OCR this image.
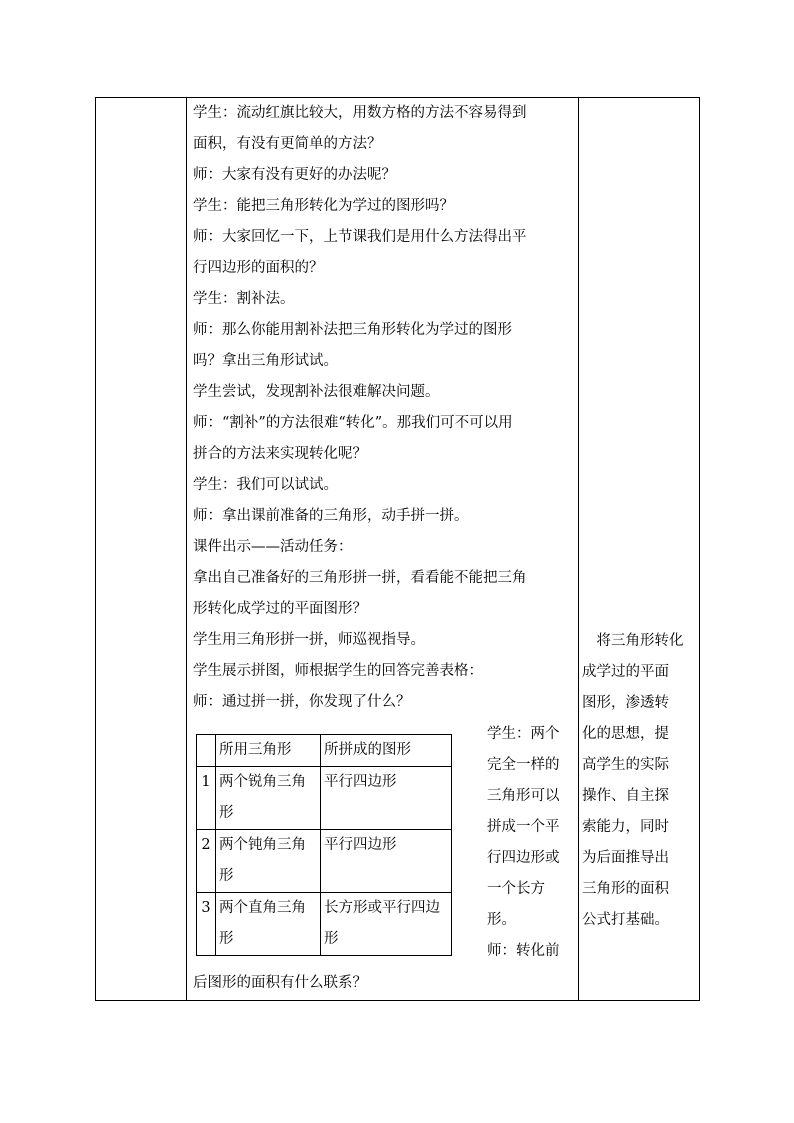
学生：流动红旗比较大，用数方格的方法不容易得到

面积，有没有更简单的方法？

师：大家有没有更好的办法呢？

学生：能把三角形转化为学过的图形吗？

师：大家回忆一下，上节课我们是用什么方法得出平

行四边形的面积的？

学生：割补法。

师：那么你能用割补法把三角形转化为学过的图形

吗？拿出三角形试试。

学生尝试，发现割补法很难解决问题。

师：“割补”的方法很难“转化”。那我们可不可以用

拼合的方法来实现转化呢？

学生：我们可以试试。

师：拿出课前准备的三角形，动手拼一拼。

课件出示——活动任务：

拿出自己准备好的三角形拼一拼，看看能不能把三角

形转化成学过的平面图形？

学生用三角形拼一拼，师巡视指导。

学生展示拼图，师根据学生的回答完善表格：

师：通过拼一拼，你发现了什么？

	所用三角形	所拼成的图形
1	两个锐角三角形	平行四边形
2	两个钝角三角形	平行四边形
3	两个直角三角形	长方形或平行四边形

学生：两个

完全一样的

三角形可以

拼成一个平

行四边形或

一个长方

形。

师：转化前

后图形的面积有什么联系？

　将三角形转化

成学过的平面

图形，渗透转

化的思想，提

高学生的实际

操作、自主探

索能力，同时

为后面推导出

三角形的面积

公式打基础。
